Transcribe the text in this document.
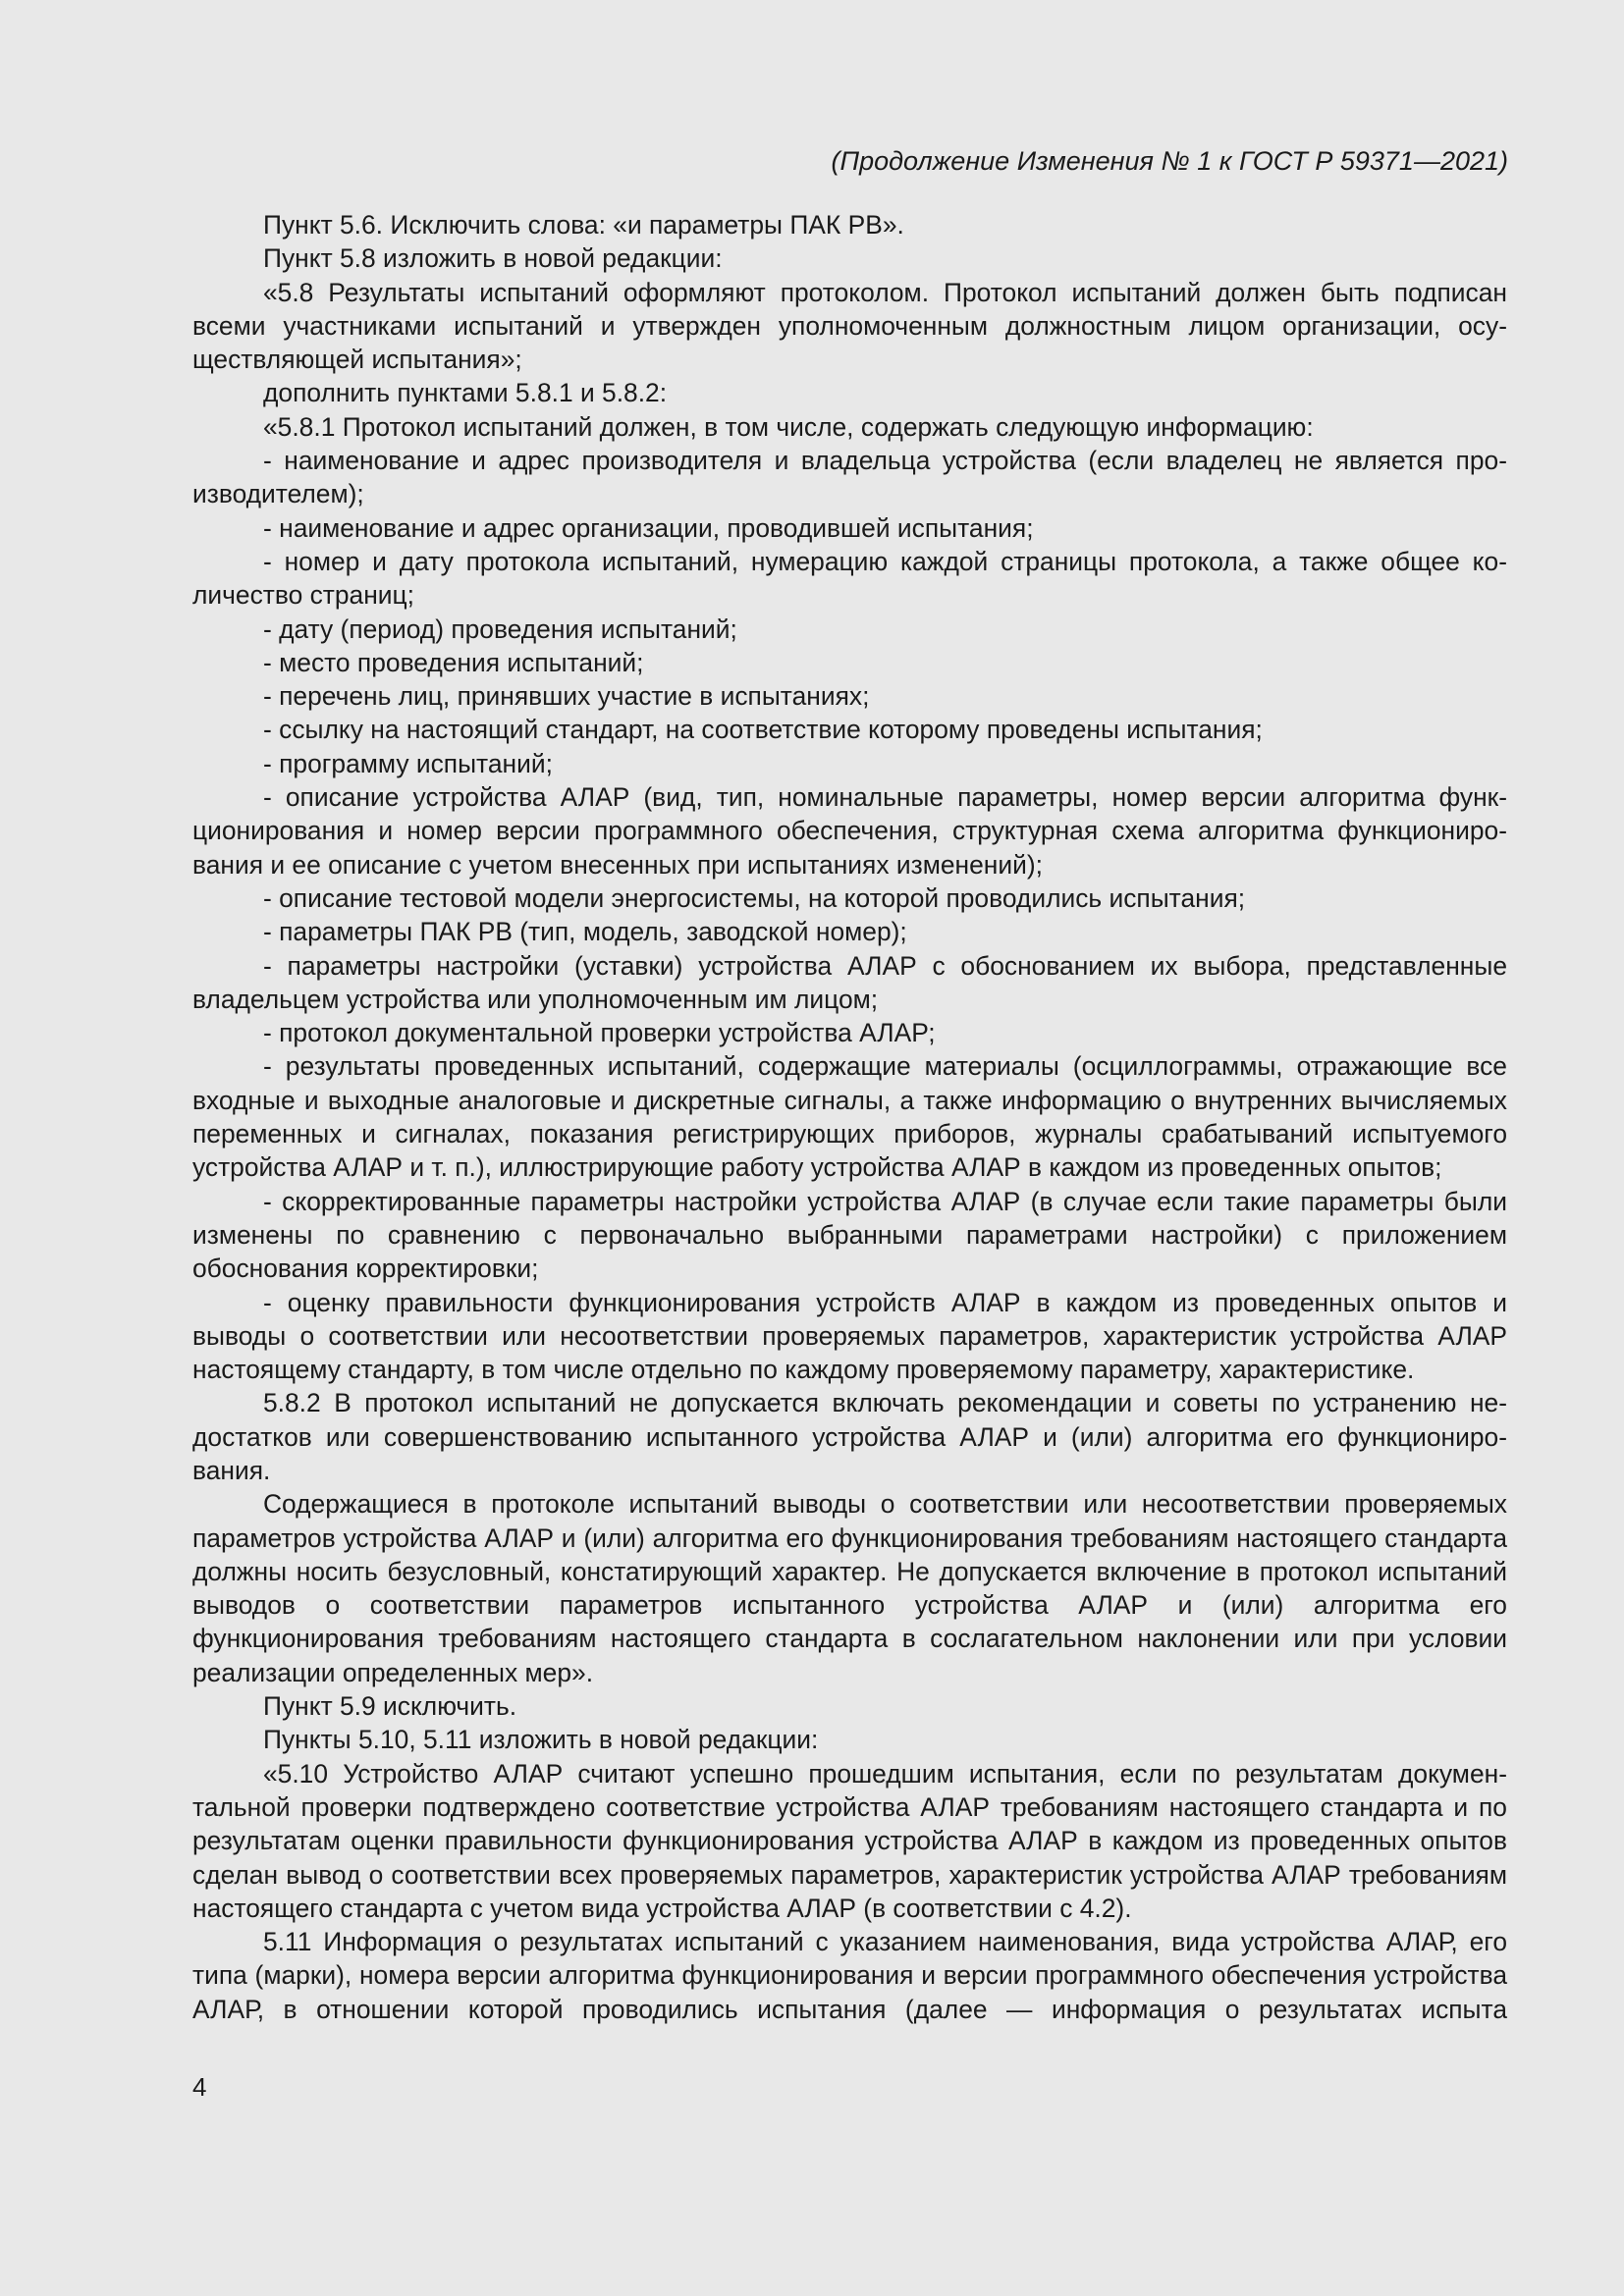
(Продолжение Изменения № 1 к ГОСТ Р 59371—2021)

Пункт 5.6. Исключить слова: «и параметры ПАК РВ».

Пункт 5.8 изложить в новой редакции:

«5.8 Результаты испытаний оформляют протоколом. Протокол испытаний должен быть подписан всеми участниками испытаний и утвержден уполномоченным должностным лицом организации, осуществляющей испытания»;

дополнить пунктами 5.8.1 и 5.8.2:

«5.8.1 Протокол испытаний должен, в том числе, содержать следующую информацию:

- наименование и адрес производителя и владельца устройства (если владелец не является производителем);

- наименование и адрес организации, проводившей испытания;

- номер и дату протокола испытаний, нумерацию каждой страницы протокола, а также общее количество страниц;

- дату (период) проведения испытаний;

- место проведения испытаний;

- перечень лиц, принявших участие в испытаниях;

- ссылку на настоящий стандарт, на соответствие которому проведены испытания;

- программу испытаний;

- описание устройства АЛАР (вид, тип, номинальные параметры, номер версии алгоритма функционирования и номер версии программного обеспечения, структурная схема алгоритма функционирования и ее описание с учетом внесенных при испытаниях изменений);

- описание тестовой модели энергосистемы, на которой проводились испытания;

- параметры ПАК РВ (тип, модель, заводской номер);

- параметры настройки (уставки) устройства АЛАР с обоснованием их выбора, представленные владельцем устройства или уполномоченным им лицом;

- протокол документальной проверки устройства АЛАР;

- результаты проведенных испытаний, содержащие материалы (осциллограммы, отражающие все входные и выходные аналоговые и дискретные сигналы, а также информацию о внутренних вычисляемых переменных и сигналах, показания регистрирующих приборов, журналы срабатываний испытуемого устройства АЛАР и т. п.), иллюстрирующие работу устройства АЛАР в каждом из проведенных опытов;

- скорректированные параметры настройки устройства АЛАР (в случае если такие параметры были изменены по сравнению с первоначально выбранными параметрами настройки) с приложением обоснования корректировки;

- оценку правильности функционирования устройств АЛАР в каждом из проведенных опытов и выводы о соответствии или несоответствии проверяемых параметров, характеристик устройства АЛАР настоящему стандарту, в том числе отдельно по каждому проверяемому параметру, характеристике.

5.8.2 В протокол испытаний не допускается включать рекомендации и советы по устранению недостатков или совершенствованию испытанного устройства АЛАР и (или) алгоритма его функционирования.

Содержащиеся в протоколе испытаний выводы о соответствии или несоответствии проверяемых параметров устройства АЛАР и (или) алгоритма его функционирования требованиям настоящего стандарта должны носить безусловный, констатирующий характер. Не допускается включение в протокол испытаний выводов о соответствии параметров испытанного устройства АЛАР и (или) алгоритма его функционирования требованиям настоящего стандарта в сослагательном наклонении или при условии реализации определенных мер».

Пункт 5.9 исключить.

Пункты 5.10, 5.11 изложить в новой редакции:

«5.10 Устройство АЛАР считают успешно прошедшим испытания, если по результатам документальной проверки подтверждено соответствие устройства АЛАР требованиям настоящего стандарта и по результатам оценки правильности функционирования устройства АЛАР в каждом из проведенных опытов сделан вывод о соответствии всех проверяемых параметров, характеристик устройства АЛАР требованиям настоящего стандарта с учетом вида устройства АЛАР (в соответствии с 4.2).

5.11 Информация о результатах испытаний с указанием наименования, вида устройства АЛАР, его типа (марки), номера версии алгоритма функционирования и версии программного обеспечения устройства АЛАР, в отношении которой проводились испытания (далее — информация о результатах испыта

4
